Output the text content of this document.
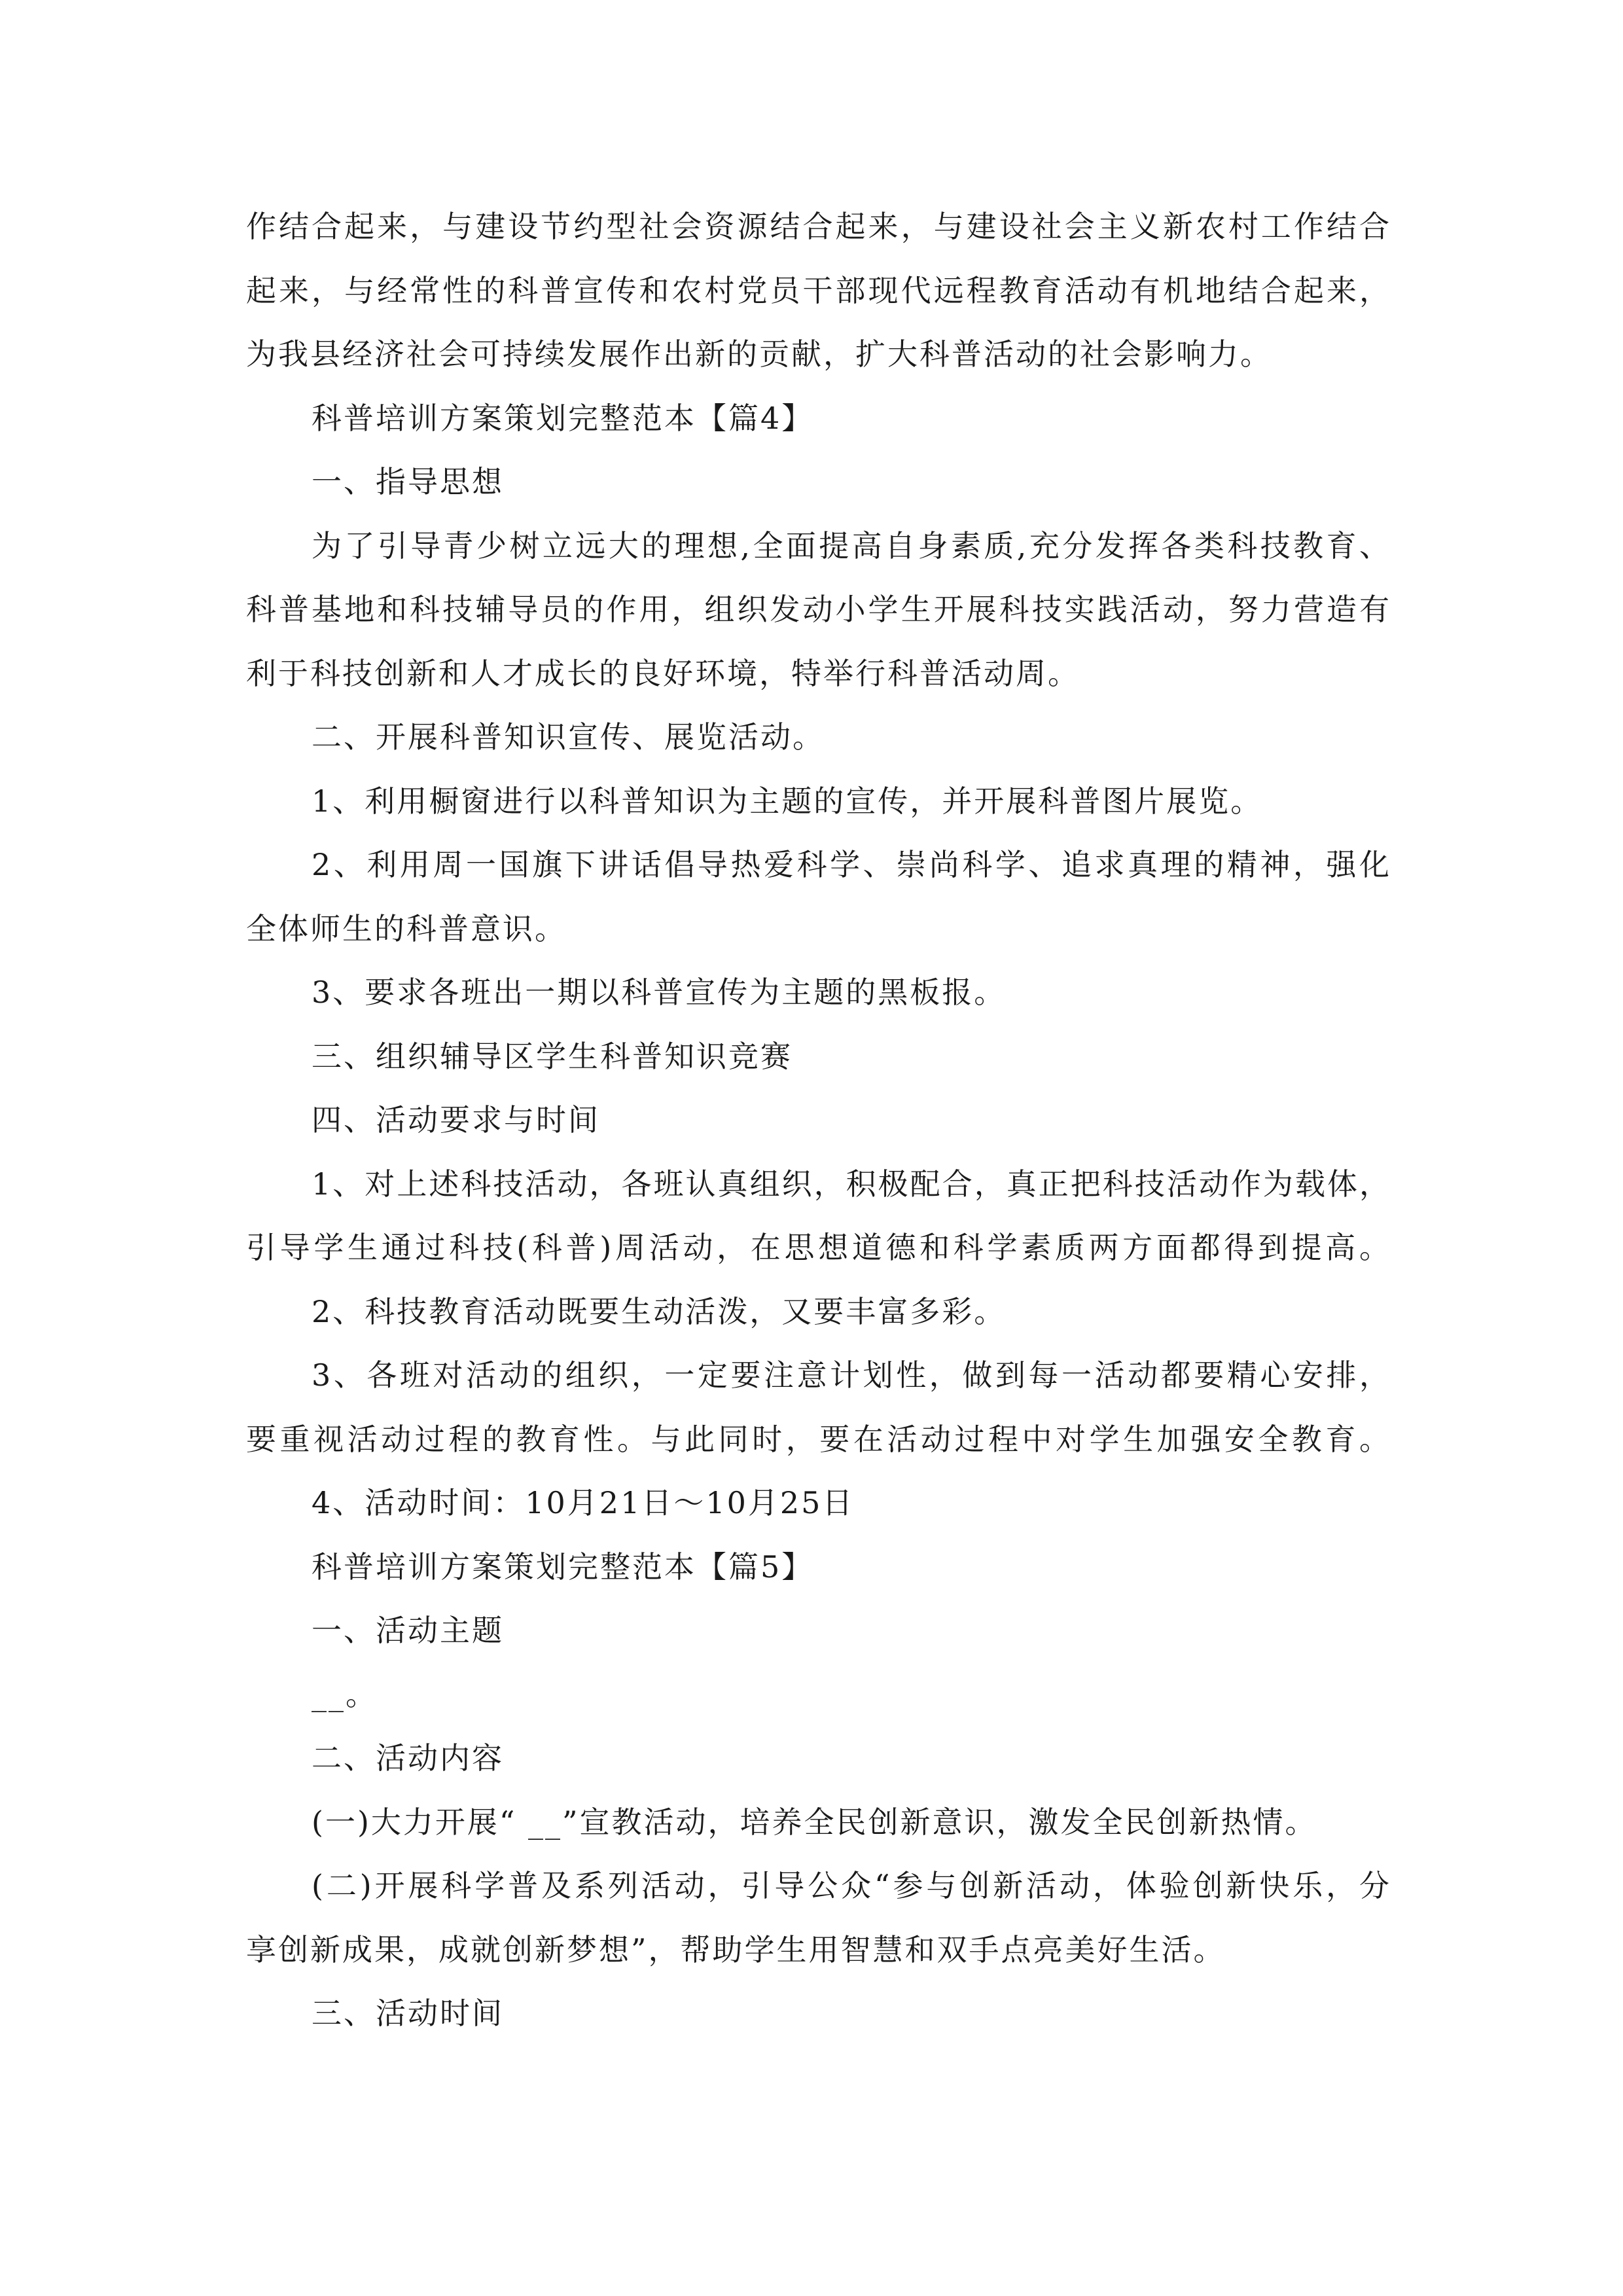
作结合起来，与建设节约型社会资源结合起来，与建设社会主义新农村工作结合
起来，与经常性的科普宣传和农村党员干部现代远程教育活动有机地结合起来，
为我县经济社会可持续发展作出新的贡献，扩大科普活动的社会影响力。
科普培训方案策划完整范本【篇4】
一、指导思想
为了引导青少树立远大的理想,全面提高自身素质,充分发挥各类科技教育、
科普基地和科技辅导员的作用，组织发动小学生开展科技实践活动，努力营造有
利于科技创新和人才成长的良好环境，特举行科普活动周。
二、开展科普知识宣传、展览活动。
1、利用橱窗进行以科普知识为主题的宣传，并开展科普图片展览。
2、利用周一国旗下讲话倡导热爱科学、崇尚科学、追求真理的精神，强化
全体师生的科普意识。
3、要求各班出一期以科普宣传为主题的黑板报。
三、组织辅导区学生科普知识竞赛
四、活动要求与时间
1、对上述科技活动，各班认真组织，积极配合，真正把科技活动作为载体，
引导学生通过科技(科普)周活动，在思想道德和科学素质两方面都得到提高。
2、科技教育活动既要生动活泼，又要丰富多彩。
3、各班对活动的组织，一定要注意计划性，做到每一活动都要精心安排，
要重视活动过程的教育性。与此同时，要在活动过程中对学生加强安全教育。
4、活动时间：10月21日～10月25日
科普培训方案策划完整范本【篇5】
一、活动主题
__。
二、活动内容
(一)大力开展“ __”宣教活动，培养全民创新意识，激发全民创新热情。
(二)开展科学普及系列活动，引导公众“参与创新活动，体验创新快乐，分
享创新成果，成就创新梦想”，帮助学生用智慧和双手点亮美好生活。
三、活动时间
